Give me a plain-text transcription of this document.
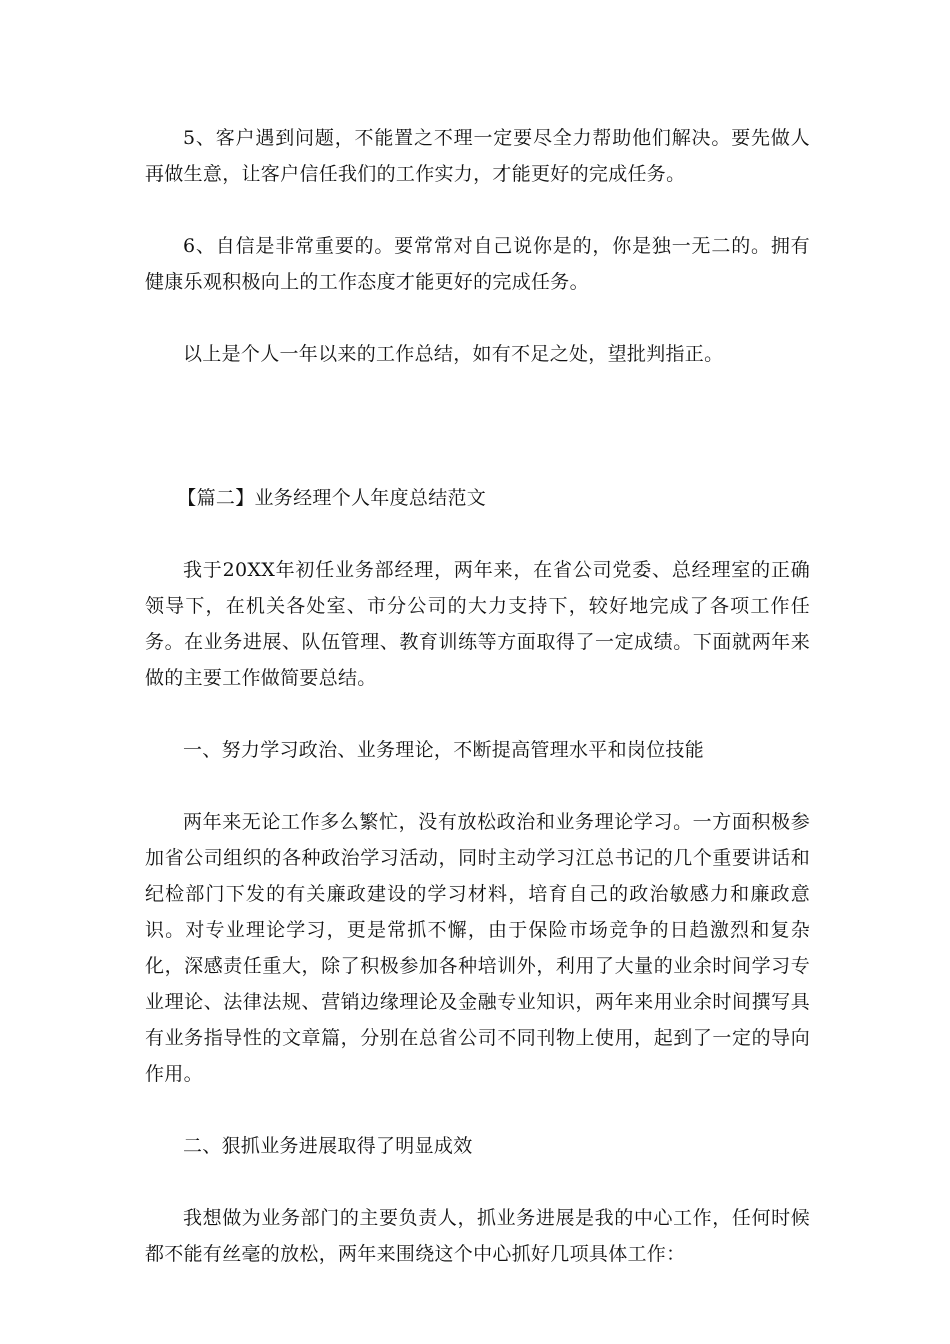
5、客户遇到问题，不能置之不理一定要尽全力帮助他们解决。要先做人再做生意，让客户信任我们的工作实力，才能更好的完成任务。

6、自信是非常重要的。要常常对自己说你是的，你是独一无二的。拥有健康乐观积极向上的工作态度才能更好的完成任务。

以上是个人一年以来的工作总结，如有不足之处，望批判指正。

【篇二】业务经理个人年度总结范文

我于20XX年初任业务部经理，两年来，在省公司党委、总经理室的正确领导下，在机关各处室、市分公司的大力支持下，较好地完成了各项工作任务。在业务进展、队伍管理、教育训练等方面取得了一定成绩。下面就两年来做的主要工作做简要总结。

一、努力学习政治、业务理论，不断提高管理水平和岗位技能

两年来无论工作多么繁忙，没有放松政治和业务理论学习。一方面积极参加省公司组织的各种政治学习活动，同时主动学习江总书记的几个重要讲话和纪检部门下发的有关廉政建设的学习材料，培育自己的政治敏感力和廉政意识。对专业理论学习，更是常抓不懈，由于保险市场竞争的日趋激烈和复杂化，深感责任重大，除了积极参加各种培训外，利用了大量的业余时间学习专业理论、法律法规、营销边缘理论及金融专业知识，两年来用业余时间撰写具有业务指导性的文章篇，分别在总省公司不同刊物上使用，起到了一定的导向作用。

二、狠抓业务进展取得了明显成效

我想做为业务部门的主要负责人，抓业务进展是我的中心工作，任何时候都不能有丝毫的放松，两年来围绕这个中心抓好几项具体工作：
